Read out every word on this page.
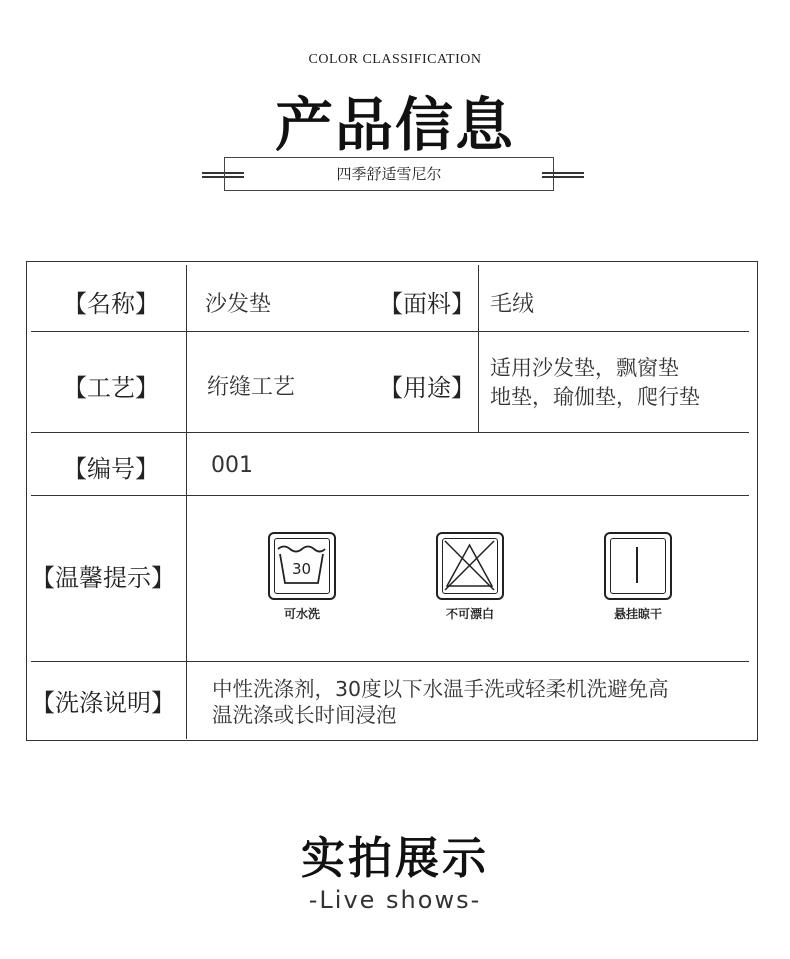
COLOR CLASSIFICATION
产品信息
四季舒适雪尼尔
【名称】 沙发垫	【面料】 毛绒
【工艺】 绗缝工艺	【用途】
适用沙发垫，飘窗垫
地垫，瑜伽垫，爬行垫
【编号】 001
【温馨提示】	30
可水洗	不可漂白	悬挂晾干
【洗涤说明】 中性洗涤剂，30度以下水温手洗或轻柔机洗避免高
温洗涤或长时间浸泡
实拍展示
-Live shows-
